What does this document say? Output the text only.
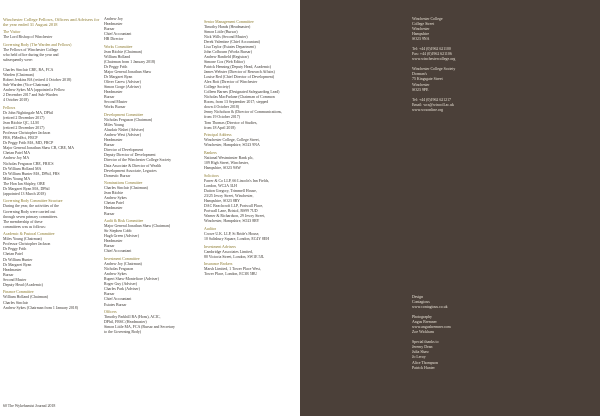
Winchester College Fellows, Officers and Advisers for the year ended 31 August 2018
The Visitor
The Lord Bishop of Winchester
Governing Body (The Warden and Fellows)
The Fellows of Winchester College
who held office during the year and
subsequently were:
Charles Sinclair CBE, BA, FCA
Warden (Chairman)
Robert Jenkins BA (retired 4 October 2018)
Sub-Warden (Vice-Chairman)
Andrew Sykes MA (appointed a Fellow
2 December 2017 and Sub-Warden
4 October 2018)
Fellows
Dr John Nightingale MA, DPhil
(retired 2 December 2017)
Jean Ritchie QC, LLM
(retired 2 December 2017)
Professor Christopher Jackson
FRS, FMedSci, FRCP
Dr Peggy Frith MA, MD, FRCP
Major General Jonathan Shaw CB, CBE, MA
Chetan Patel MA
Andrew Joy MA
Nicholas Ferguson CBE, FRICS
Dr William Holland MA
Dr William Hunter MA, DPhil, FRS
Miles Young MA
The Hon Ian Shipley, OBE
Dr Margaret Ryan MA, DPhil
(appointed 13 March 2018)
Governing Body Committee Structure
During the year, the activities of the
Governing Body were carried out
through seven primary committees.
The membership of these
committees was as follows:
Academic & Pastoral Committee
Miles Young (Chairman)
Professor Christopher Jackson
Dr Peggy Frith
Chetan Patel
Dr William Hunter
Dr Margaret Ryan
Headmaster
Bursar
Second Master
Deputy Head (Academic)
Finance Committee
William Holland (Chairman)
Charles Sinclair
Andrew Sykes (Chairman from 1 January 2018)
Andrew Joy
Headmaster
Bursar
Chief Accountant
HR Director
Works Committee
Jean Ritchie (Chairman)
William Holland
(Chairman from 1 January 2018)
Dr Peggy Frith
Major General Jonathan Shaw
Dr Margaret Ryan
Oliver Carew (Adviser)
Simon Gorge (Adviser)
Headmaster
Bursar
Second Master
Works Bursar
Development Committee
Nicholas Ferguson (Chairman)
Miles Young
Alasdair Nisbet (Adviser)
Andrew West (Adviser)
Headmaster
Bursar
Director of Development
Deputy Director of Development
Director of the Winchester College Society
Data Associate & Director of Wealth
Development Associate, Legacies
Domestic Bursar
Nominations Committee
Charles Sinclair (Chairman)
Jean Ritchie
Andrew Sykes
Chetan Patel
Headmaster
Bursar
Audit & Risk Committee
Major General Jonathan Shaw (Chairman)
Sir Stephen Cobb
Hugh Green (Adviser)
Headmaster
Bursar
Chief Accountant
Investment Committee
Andrew Joy (Chairman)
Nicholas Ferguson
Andrew Sykes
Rupert Shaw-Montefiore (Adviser)
Roger Guy (Adviser)
Charles Park (Adviser)
Bursar
Chief Accountant
Estates Bursar
Officers
Timothy Parkhill BA (Hons), ACIC,
DPhil, FRSC (Headmaster)
Simon Little MA, FCA (Bursar and Secretary
to the Governing Body)
Senior Management Committee
Timothy Hands (Headmaster)
Simon Little (Bursar)
Nick Wills (Second Master)
Derek Valentine (Chief Accountant)
Lisa Taylor (Estates Department)
John Colbourn (Works Bursar)
Andrew Banfield (Registrar)
Simone Cox (Web Editor)
Patrick Henning (Deputy Head, Academic)
James Webster (Director of Research Affairs)
Louise Red (Chief Director of Development)
Alex Bott (Director of Winchester
College Society)
Colleen Barnes (Designated Safeguarding Lead)
Nicholas MacFarlane (Chairman of Common
Room, from 13 September 2017; stepped
down 4 October 2018)
Jenny Nicholson & (Director of Communications,
from 19 October 2017)
Tom Thomas (Director of Studies,
from 18 April 2018)
Principal Address
Winchester College, College Street,
Winchester, Hampshire, SO23 9NA
Bankers
National Westminster Bank plc,
109 High Street, Winchester,
Hampshire, SO23 9AW
Solicitors
Farrer & Co LLP, 66 Lincoln's Inn Fields,
London, WC2A 3LH
Dutton Gregory, Trimmell House,
23/25 Jewry Street, Winchester,
Hampshire, SO23 8RY
DAC Beachcroft LLP, Portwall Place,
Portwall Lane, Bristol, BS99 7UD
Warner & Richardson, 29 Jewry Street,
Winchester, Hampshire, SO23 8RY
Auditor
Crowe U.K. LLP, St Bride's House,
10 Salisbury Square, London, EC4Y 8EH
Investment Advisers
Cambridge Associates Limited,
80 Victoria Street, London, SW1E 5JL
Insurance Brokers
Marsh Limited, 1 Tower Place West,
Tower Place, London, EC3R 5BU
Winchester College
College Street
Winchester
Hampshire
SO23 9NA
Tel: +44 (0)1962 621100
Fax: +44 (0)1962 621106
www.winchestercollege.org
Winchester College Society
Dorman's
75 Kingsgate Street
Winchester
SO23 9PE
Tel: +44 (0)1962 621217
Email: wcs@wincoll.ac.uk
www.wcsonline.org
Design
Contagious
www.contagious.co.uk
Photography
Angus Bremner
www.angusbremner.com
Zoe Wickham
Special thanks to
Jeremy Dean
Julia Shaw
Jo Leroy
Alice Thompson
Patrick Hunter
60 The Wykehamist Journal 2018
